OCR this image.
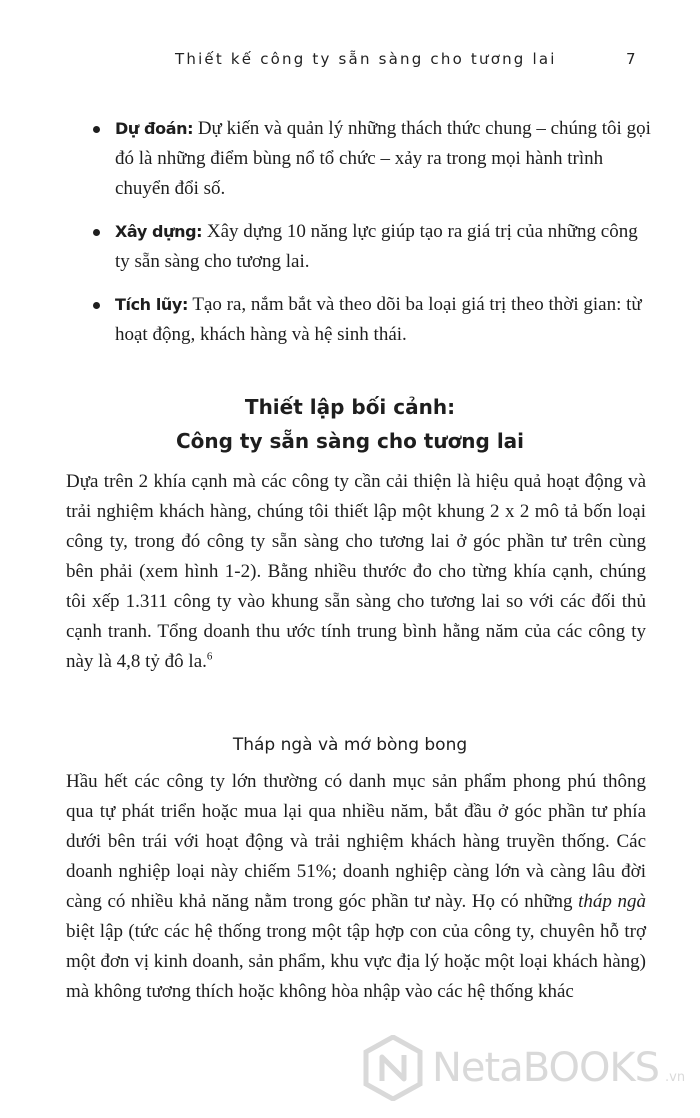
Thiết kế công ty sẵn sàng cho tương lai	7
Dự đoán: Dự kiến và quản lý những thách thức chung – chúng tôi gọi đó là những điểm bùng nổ tổ chức – xảy ra trong mọi hành trình chuyển đổi số.
Xây dựng: Xây dựng 10 năng lực giúp tạo ra giá trị của những công ty sẵn sàng cho tương lai.
Tích lũy: Tạo ra, nắm bắt và theo dõi ba loại giá trị theo thời gian: từ hoạt động, khách hàng và hệ sinh thái.
Thiết lập bối cảnh:
Công ty sẵn sàng cho tương lai
Dựa trên 2 khía cạnh mà các công ty cần cải thiện là hiệu quả hoạt động và trải nghiệm khách hàng, chúng tôi thiết lập một khung 2 x 2 mô tả bốn loại công ty, trong đó công ty sẵn sàng cho tương lai ở góc phần tư trên cùng bên phải (xem hình 1-2). Bằng nhiều thước đo cho từng khía cạnh, chúng tôi xếp 1.311 công ty vào khung sẵn sàng cho tương lai so với các đối thủ cạnh tranh. Tổng doanh thu ước tính trung bình hằng năm của các công ty này là 4,8 tỷ đô la.$^6$
Tháp ngà và mớ bòng bong
Hầu hết các công ty lớn thường có danh mục sản phẩm phong phú thông qua tự phát triển hoặc mua lại qua nhiều năm, bắt đầu ở góc phần tư phía dưới bên trái với hoạt động và trải nghiệm khách hàng truyền thống. Các doanh nghiệp loại này chiếm 51%; doanh nghiệp càng lớn và càng lâu đời càng có nhiều khả năng nằm trong góc phần tư này. Họ có những tháp ngà biệt lập (tức các hệ thống trong một tập hợp con của công ty, chuyên hỗ trợ một đơn vị kinh doanh, sản phẩm, khu vực địa lý hoặc một loại khách hàng) mà không tương thích hoặc không hòa nhập vào các hệ thống khác
NetaBOOKS .vn
